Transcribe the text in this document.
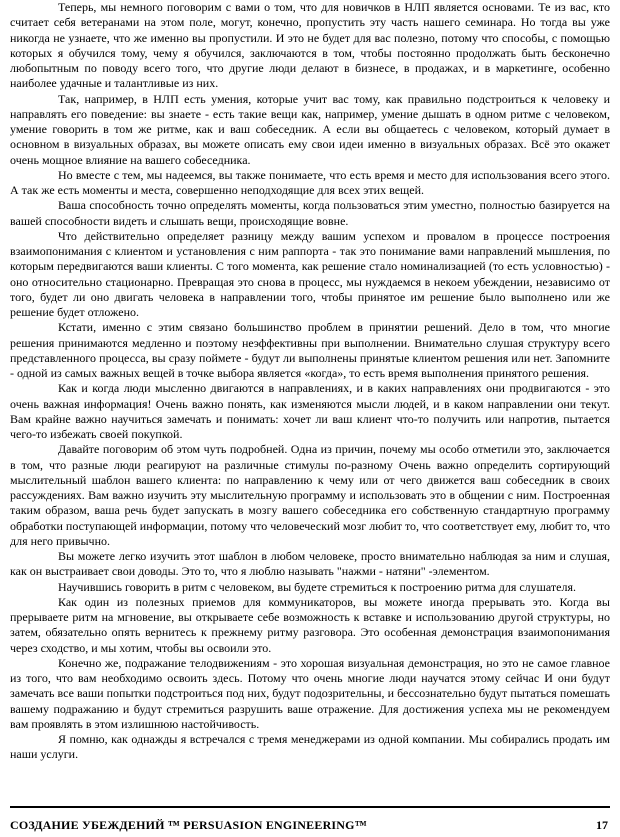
Теперь, мы немного поговорим с вами о том, что для новичков в НЛП является основами. Те из вас, кто считает себя ветеранами на этом поле, могут, конечно, пропустить эту часть нашего семинара. Но тогда вы уже никогда не узнаете, что же именно вы пропустили. И это не будет для вас полезно, потому что способы, с помощью которых я обучился тому, чему я обучился, заключаются в том, чтобы постоянно продолжать быть бесконечно любопытным по поводу всего того, что другие люди делают в бизнесе, в продажах, и в маркетинге, особенно наиболее удачные и талантливые из них.

Так, например, в НЛП есть умения, которые учит вас тому, как правильно подстроиться к человеку и направлять его поведение: вы знаете - есть такие вещи как, например, умение дышать в одном ритме с человеком, умение говорить в том же ритме, как и ваш собеседник. А если вы общаетесь с человеком, который думает в основном в визуальных образах, вы можете описать ему свои идеи именно в визуальных образах. Всё это окажет очень мощное влияние на вашего собеседника.

Но вместе с тем, мы надеемся, вы также понимаете, что есть время и место для использования всего этого. А так же есть моменты и места, совершенно неподходящие для всех этих вещей.

Ваша способность точно определять моменты, когда пользоваться этим уместно, полностью базируется на вашей способности видеть и слышать вещи, происходящие вовне.

Что действительно определяет разницу между вашим успехом и провалом в процессе построения взаимопонимания с клиентом и установления с ним раппорта - так это понимание вами направлений мышления, по которым передвигаются ваши клиенты. С того момента, как решение стало номинализацией (то есть условностью) - оно относительно стационарно. Превращая это снова в процесс, мы нуждаемся в некоем убеждении, независимо от того, будет ли оно двигать человека в направлении того, чтобы принятое им решение было выполнено или же решение будет отложено.

Кстати, именно с этим связано большинство проблем в принятии решений. Дело в том, что многие решения принимаются медленно и поэтому неэффективны при выполнении. Внимательно слушая структуру всего представленного процесса, вы сразу поймете - будут ли выполнены принятые клиентом решения или нет. Запомните - одной из самых важных вещей в точке выбора является «когда», то есть время выполнения принятого решения.

Как и когда люди мысленно двигаются в направлениях, и в каких направлениях они продвигаются - это очень важная информация! Очень важно понять, как изменяются мысли людей, и в каком направлении они текут. Вам крайне важно научиться замечать и понимать: хочет ли ваш клиент что-то получить или напротив, пытается чего-то избежать своей покупкой.

Давайте поговорим об этом чуть подробней. Одна из причин, почему мы особо отметили это, заключается в том, что разные люди реагируют на различные стимулы по-разному Очень важно определить сортирующий мыслительный шаблон вашего клиента: по направлению к чему или от чего движется ваш собеседник в своих рассуждениях. Вам важно изучить эту мыслительную программу и использовать это в общении с ним. Построенная таким образом, ваша речь будет запускать в мозгу вашего собеседника его собственную стандартную программу обработки поступающей информации, потому что человеческий мозг любит то, что соответствует ему, любит то, что для него привычно.

Вы можете легко изучить этот шаблон в любом человеке, просто внимательно наблюдая за ним и слушая, как он выстраивает свои доводы. Это то, что я люблю называть "нажми - натяни" -элементом.

Научившись говорить в ритм с человеком, вы будете стремиться к построению ритма для слушателя.

Как один из полезных приемов для коммуникаторов, вы можете иногда прерывать это. Когда вы прерываете ритм на мгновение, вы открываете себе возможность к вставке и использованию другой структуры, но затем, обязательно опять вернитесь к прежнему ритму разговора. Это особенная демонстрация взаимопонимания через сходство, и мы хотим, чтобы вы освоили это.

Конечно же, подражание телодвижениям - это хорошая визуальная демонстрация, но это не самое главное из того, что вам необходимо освоить здесь. Потому что очень многие люди научатся этому сейчас И они будут замечать все ваши попытки подстроиться под них, будут подозрительны, и бессознательно будут пытаться помешать вашему подражанию и будут стремиться разрушить ваше отражение. Для достижения успеха мы не рекомендуем вам проявлять в этом излишнюю настойчивость.

Я помню, как однажды я встречался с тремя менеджерами из одной компании. Мы собирались продать им наши услуги.

СОЗДАНИЕ УБЕЖДЕНИЙ ™ PERSUASION ENGINEERING™	17
